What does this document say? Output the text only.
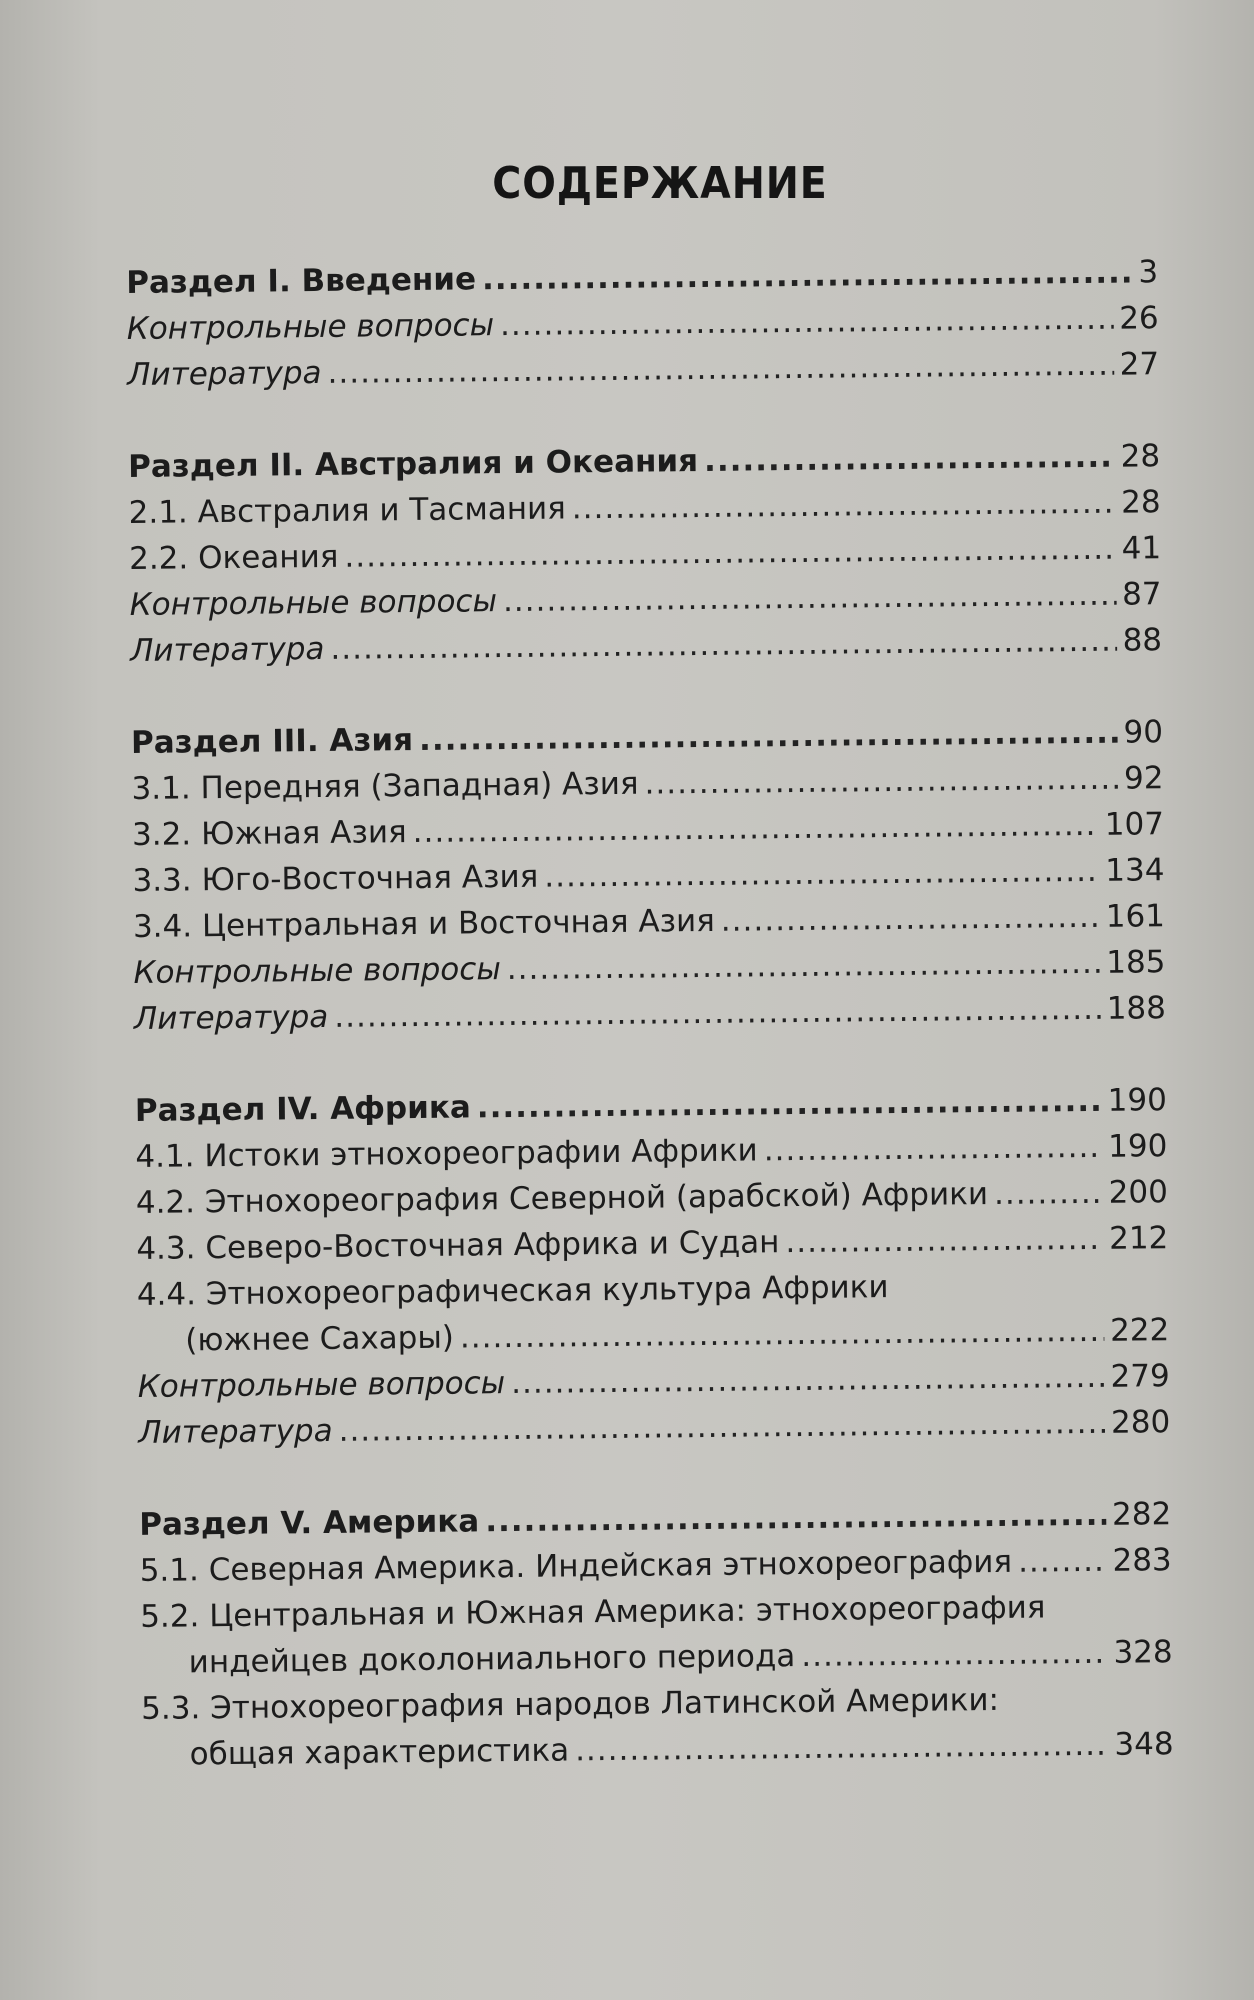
СОДЕРЖАНИЕ
Раздел I. Введение .....	3
Контрольные вопросы .....	26
Литература .....	27
Раздел II. Австралия и Океания .....	28
2.1. Австралия и Тасмания .....	28
2.2. Океания .....	41
Контрольные вопросы .....	87
Литература .....	88
Раздел III. Азия .....	90
3.1. Передняя (Западная) Азия .....	92
3.2. Южная Азия .....	107
3.3. Юго-Восточная Азия .....	134
3.4. Центральная и Восточная Азия .....	161
Контрольные вопросы .....	185
Литература .....	188
Раздел IV. Африка .....	190
4.1. Истоки этнохореографии Африки .....	190
4.2. Этнохореография Северной (арабской) Африки .....	200
4.3. Северо-Восточная Африка и Судан .....	212
4.4. Этнохореографическая культура Африки
(южнее Сахары) .....	222
Контрольные вопросы .....	279
Литература .....	280
Раздел V. Америка .....	282
5.1. Северная Америка. Индейская этнохореография .....	283
5.2. Центральная и Южная Америка: этнохореография
индейцев доколониального периода .....	328
5.3. Этнохореография народов Латинской Америки:
общая характеристика .....	348
